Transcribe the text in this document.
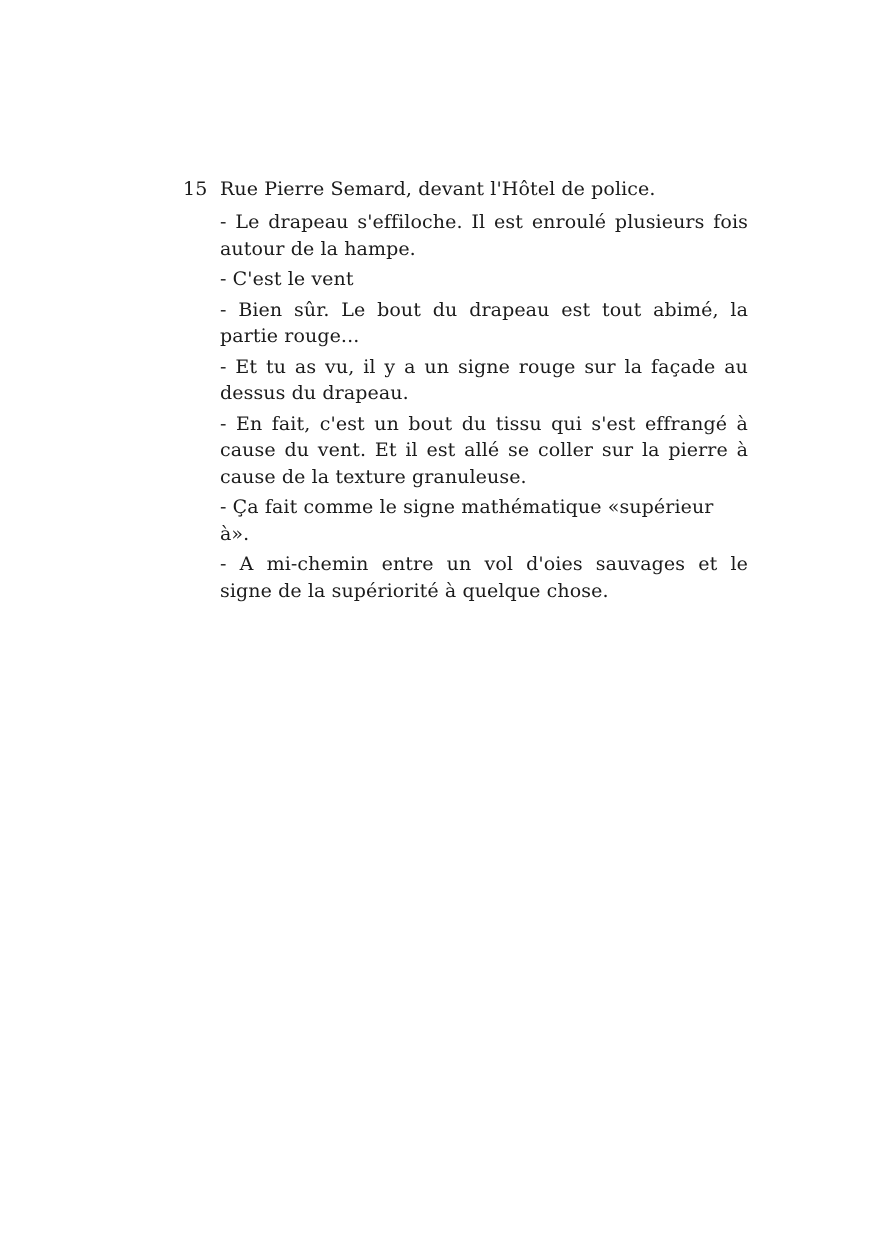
15 Rue Pierre Semard, devant l'Hôtel de police.

- Le drapeau s'effiloche. Il est enroulé plusieurs fois
autour de la hampe.

- C'est le vent

- Bien sûr. Le bout du drapeau est tout abimé, la
partie rouge...

- Et tu as vu, il y a un signe rouge sur la façade au
dessus du drapeau.

- En fait, c'est un bout du tissu qui s'est effrangé à
cause du vent. Et il est allé se coller sur la pierre à
cause de la texture granuleuse.

- Ça fait comme le signe mathématique «supérieur à».

- A mi-chemin entre un vol d'oies sauvages et le
signe de la supériorité à quelque chose.
